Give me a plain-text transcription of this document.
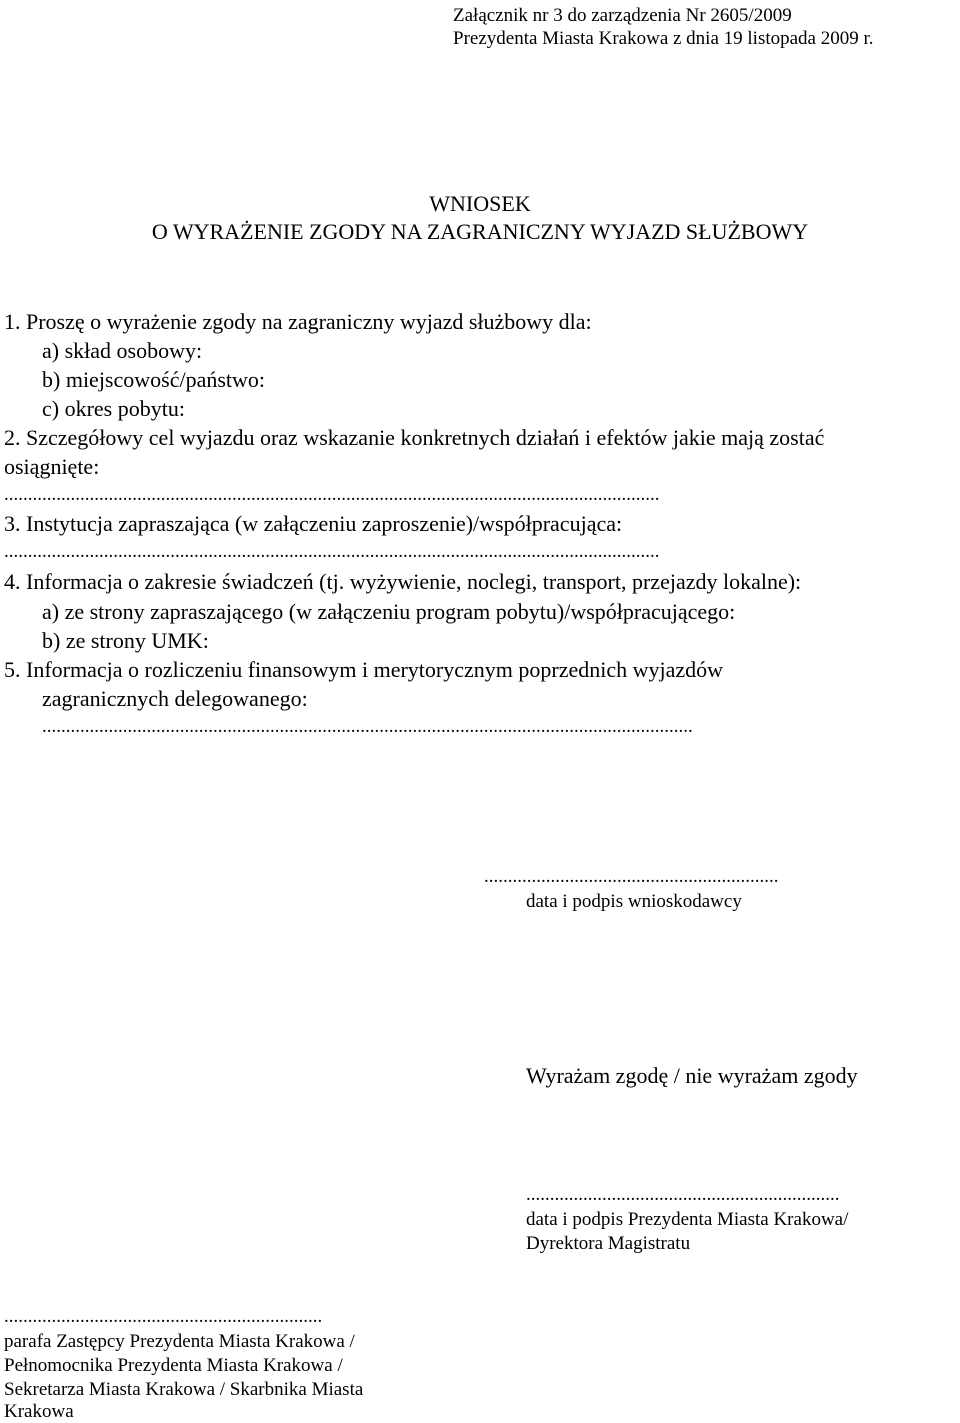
Załącznik nr 3 do zarządzenia Nr 2605/2009
Prezydenta Miasta Krakowa z dnia 19 listopada 2009 r.
WNIOSEK
O WYRAŻENIE ZGODY NA ZAGRANICZNY WYJAZD SŁUŻBOWY
1. Proszę o wyrażenie zgody na zagraniczny wyjazd służbowy dla:
a) skład osobowy:
b) miejscowość/państwo:
c) okres pobytu:
2. Szczegółowy cel wyjazdu oraz wskazanie konkretnych działań i efektów jakie mają zostać
osiągnięte:
..........................................................................................................................................
3. Instytucja zapraszająca (w załączeniu zaproszenie)/współpracująca:
..........................................................................................................................................
4. Informacja o zakresie świadczeń (tj. wyżywienie, noclegi, transport, przejazdy lokalne):
a) ze strony zapraszającego (w załączeniu program pobytu)/współpracującego:
b) ze strony UMK:
5. Informacja o rozliczeniu finansowym i merytorycznym poprzednich wyjazdów
zagranicznych delegowanego:
.........................................................................................................................................
..............................................................
data i podpis wnioskodawcy
Wyrażam zgodę / nie wyrażam zgody
..................................................................
data i podpis Prezydenta Miasta Krakowa/
Dyrektora Magistratu
...................................................................
parafa Zastępcy Prezydenta Miasta Krakowa /
Pełnomocnika Prezydenta Miasta Krakowa /
Sekretarza Miasta Krakowa / Skarbnika Miasta
Krakowa
